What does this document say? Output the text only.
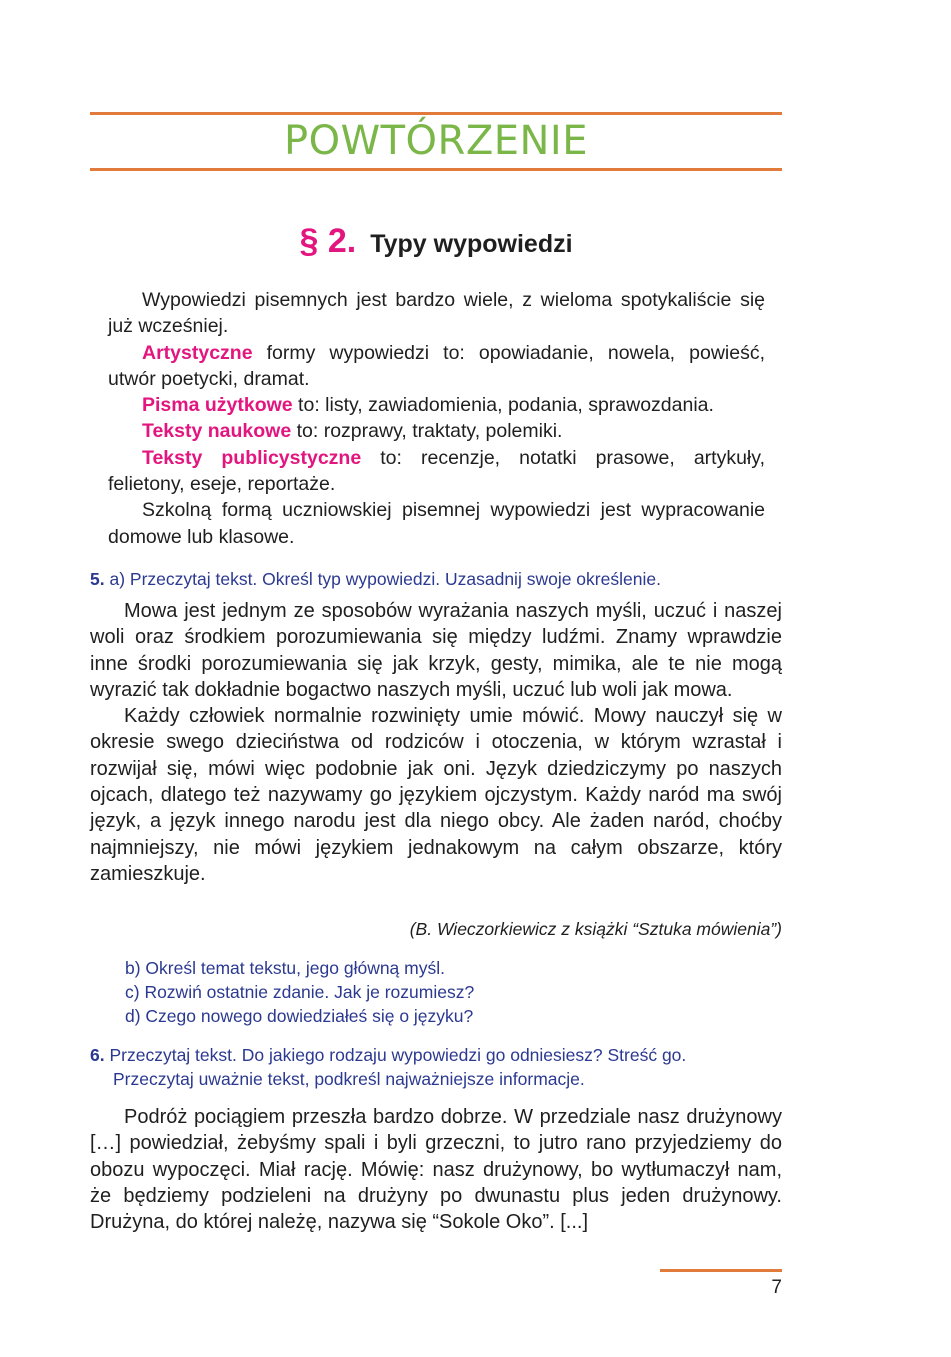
POWTÓRZENIE
§ 2. Typy wypowiedzi

Wypowiedzi pisemnych jest bardzo wiele, z wieloma spotykaliście się już wcześniej.

Artystyczne formy wypowiedzi to: opowiadanie, nowela, powieść, utwór poetycki, dramat.

Pisma użytkowe to: listy, zawiadomienia, podania, sprawozdania.

Teksty naukowe to: rozprawy, traktaty, polemiki.

Teksty publicystyczne to: recenzje, notatki prasowe, artykuły, felietony, eseje, reportaże.

Szkolną formą uczniowskiej pisemnej wypowiedzi jest wypracowanie domowe lub klasowe.

5. a) Przeczytaj tekst. Określ typ wypowiedzi. Uzasadnij swoje określenie.

Mowa jest jednym ze sposobów wyrażania naszych myśli, uczuć i naszej woli oraz środkiem porozumiewania się między ludźmi. Znamy wprawdzie inne środki porozumiewania się jak krzyk, gesty, mimika, ale te nie mogą wyrazić tak dokładnie bogactwo naszych myśli, uczuć lub woli jak mowa.

Każdy człowiek normalnie rozwinięty umie mówić. Mowy nauczył się w okresie swego dzieciństwa od rodziców i otoczenia, w którym wzrastał i rozwijał się, mówi więc podobnie jak oni. Język dziedziczymy po naszych ojcach, dlatego też nazywamy go językiem ojczystym. Każdy naród ma swój język, a język innego narodu jest dla niego obcy. Ale żaden naród, choćby najmniejszy, nie mówi językiem jednakowym na całym obszarze, który zamieszkuje.

(B. Wieczorkiewicz z książki “Sztuka mówienia”)
b) Określ temat tekstu, jego główną myśl.
c) Rozwiń ostatnie zdanie. Jak je rozumiesz?
d) Czego nowego dowiedziałeś się o języku?

6. Przeczytaj tekst. Do jakiego rodzaju wypowiedzi go odniesiesz? Streść go.
Przeczytaj uważnie tekst, podkreśl najważniejsze informacje.

Podróż pociągiem przeszła bardzo dobrze. W przedziale nasz drużynowy […] powiedział, żebyśmy spali i byli grzeczni, to jutro rano przyjedziemy do obozu wypoczęci. Miał rację. Mówię: nasz drużynowy, bo wytłumaczył nam, że będziemy podzieleni na drużyny po dwunastu plus jeden drużynowy. Drużyna, do której należę, nazywa się “Sokole Oko”. [...]

7
